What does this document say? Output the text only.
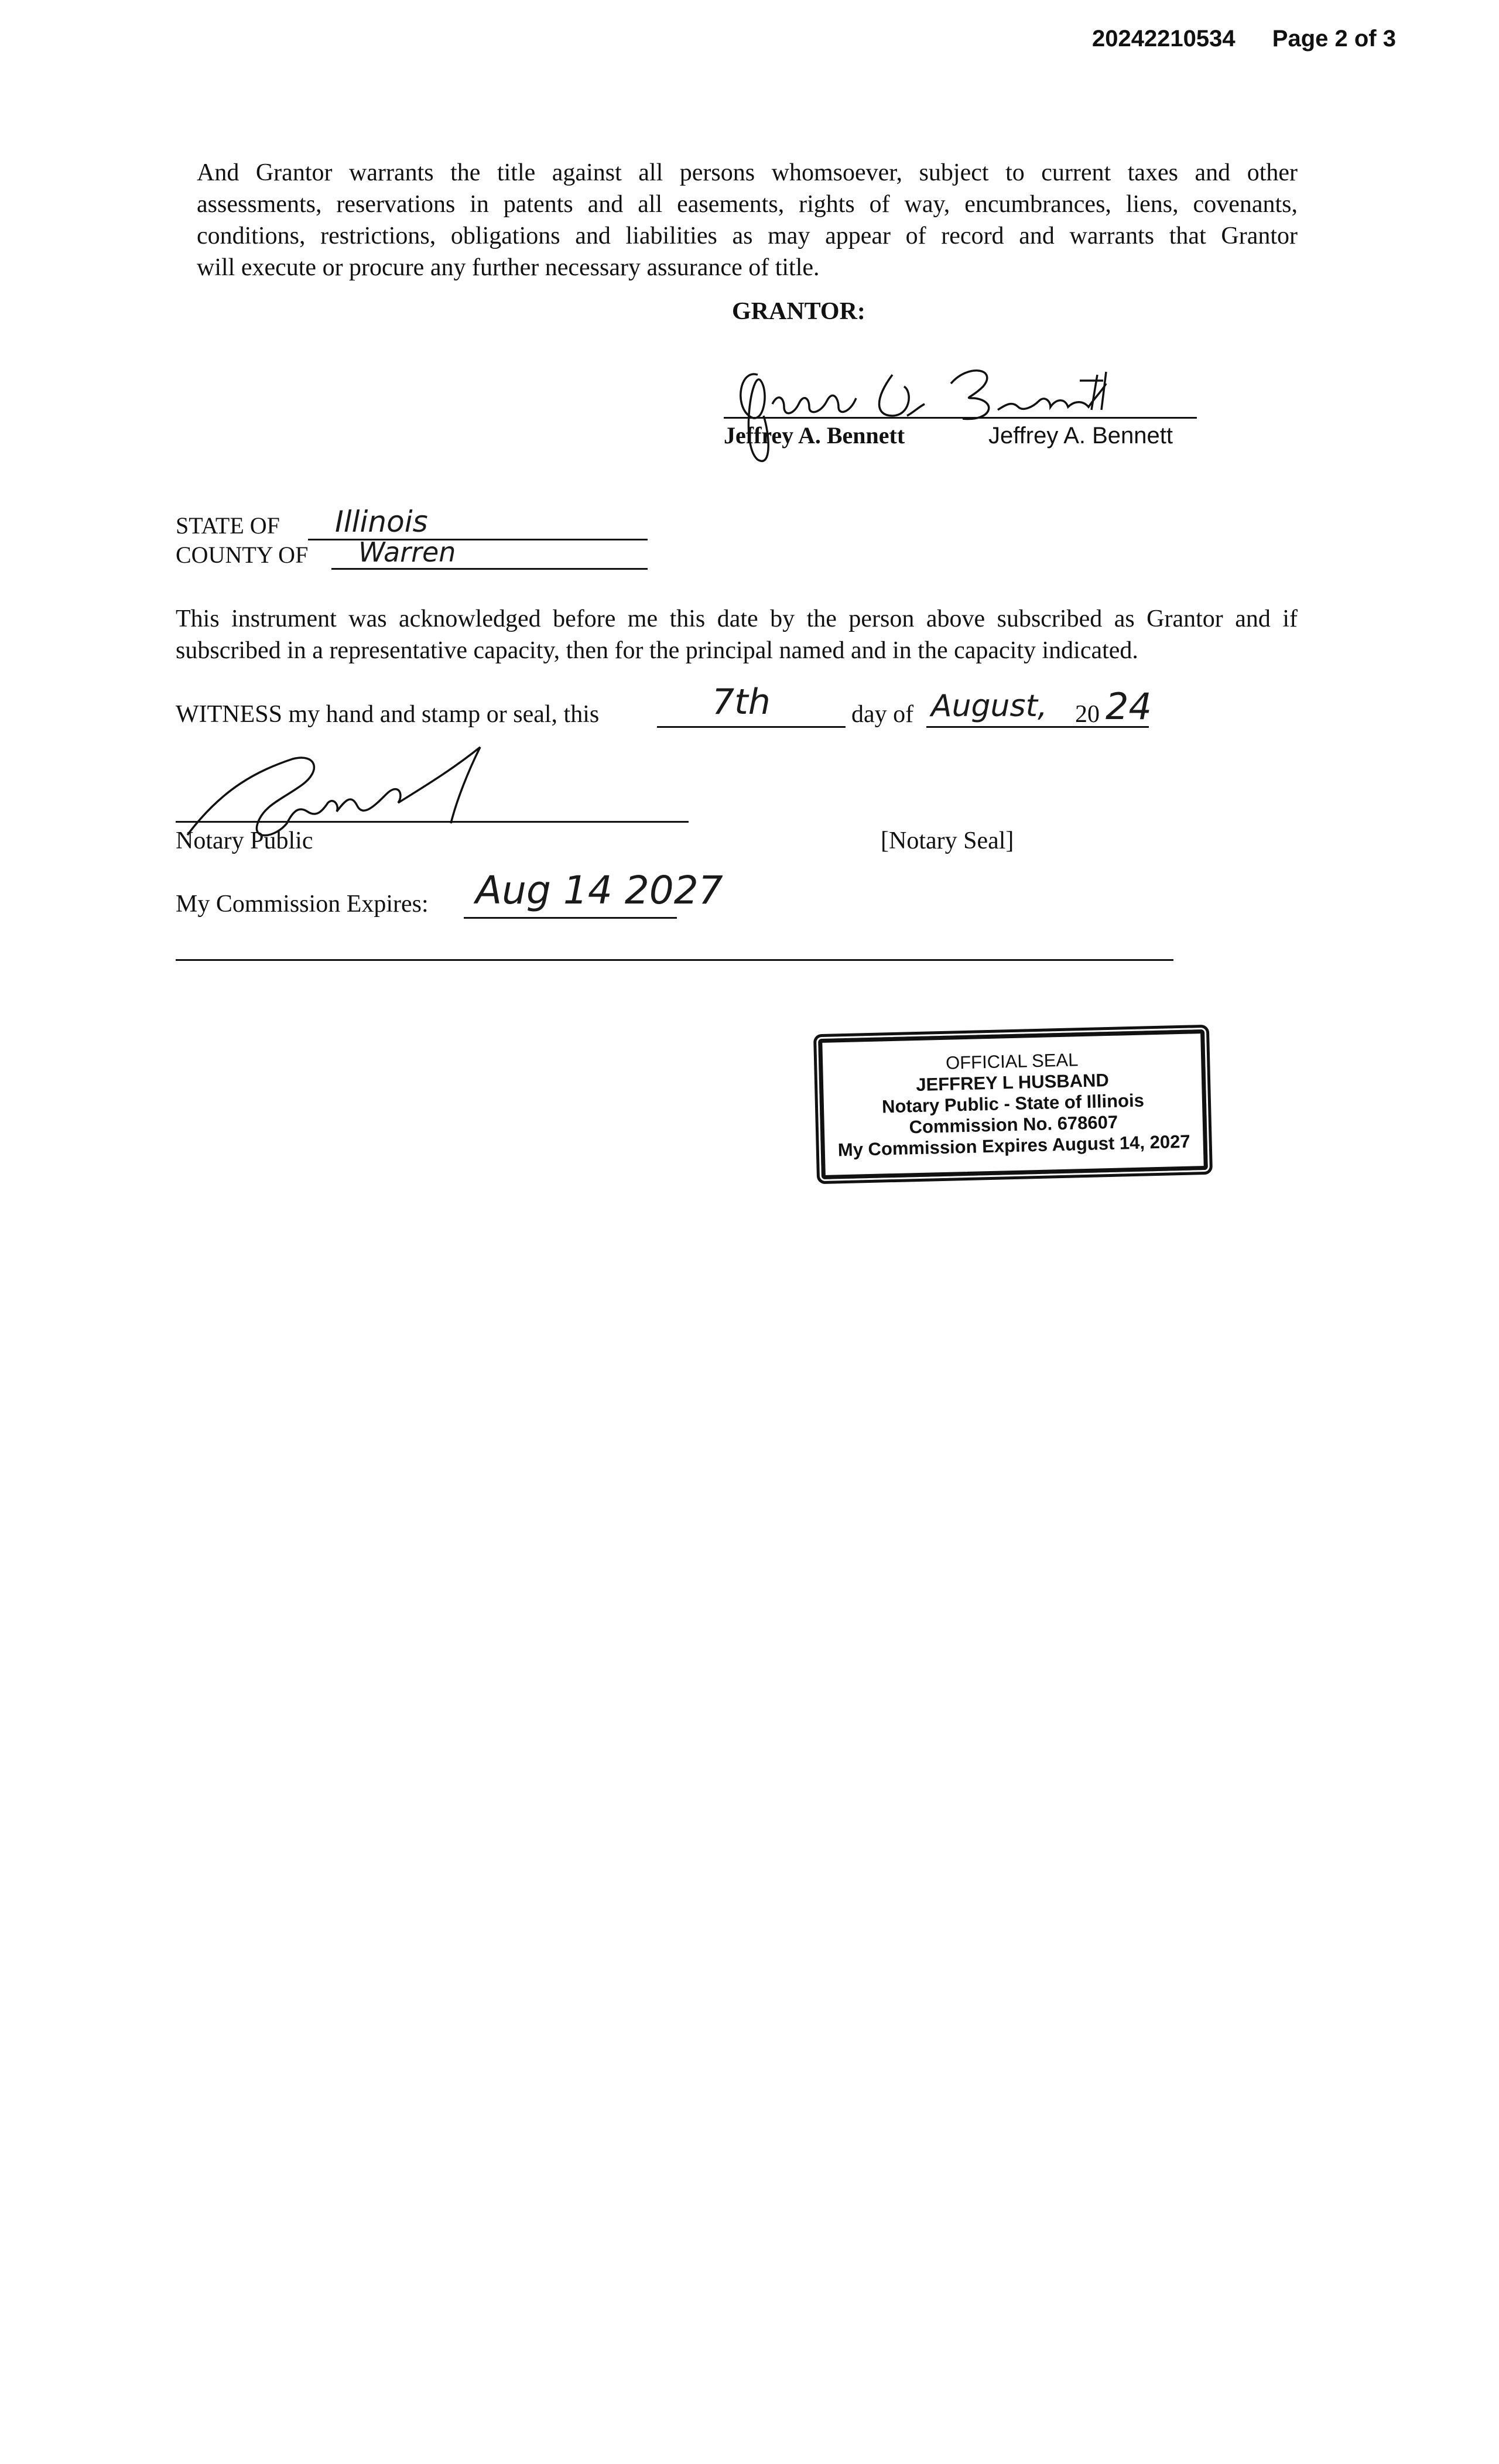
20242210534 Page 2 of 3
And Grantor warrants the title against all persons whomsoever, subject to current taxes and other
assessments, reservations in patents and all easements, rights of way, encumbrances, liens, covenants,
conditions, restrictions, obligations and liabilities as may appear of record and warrants that Grantor
will execute or procure any further necessary assurance of title.
GRANTOR:
Jeffrey A. Bennett	Jeffrey A. Bennett
STATE OF Illinois
COUNTY OF Warren
This instrument was acknowledged before me this date by the person above subscribed as Grantor and if
subscribed in a representative capacity, then for the principal named and in the capacity indicated.
WITNESS my hand and stamp or seal, this	7th	day of August, 20 24
Notary Public	[Notary Seal]
My Commission Expires: Aug 14 2027
OFFICIAL SEAL
JEFFREY L HUSBAND
Notary Public - State of Illinois
Commission No. 678607
My Commission Expires August 14, 2027
